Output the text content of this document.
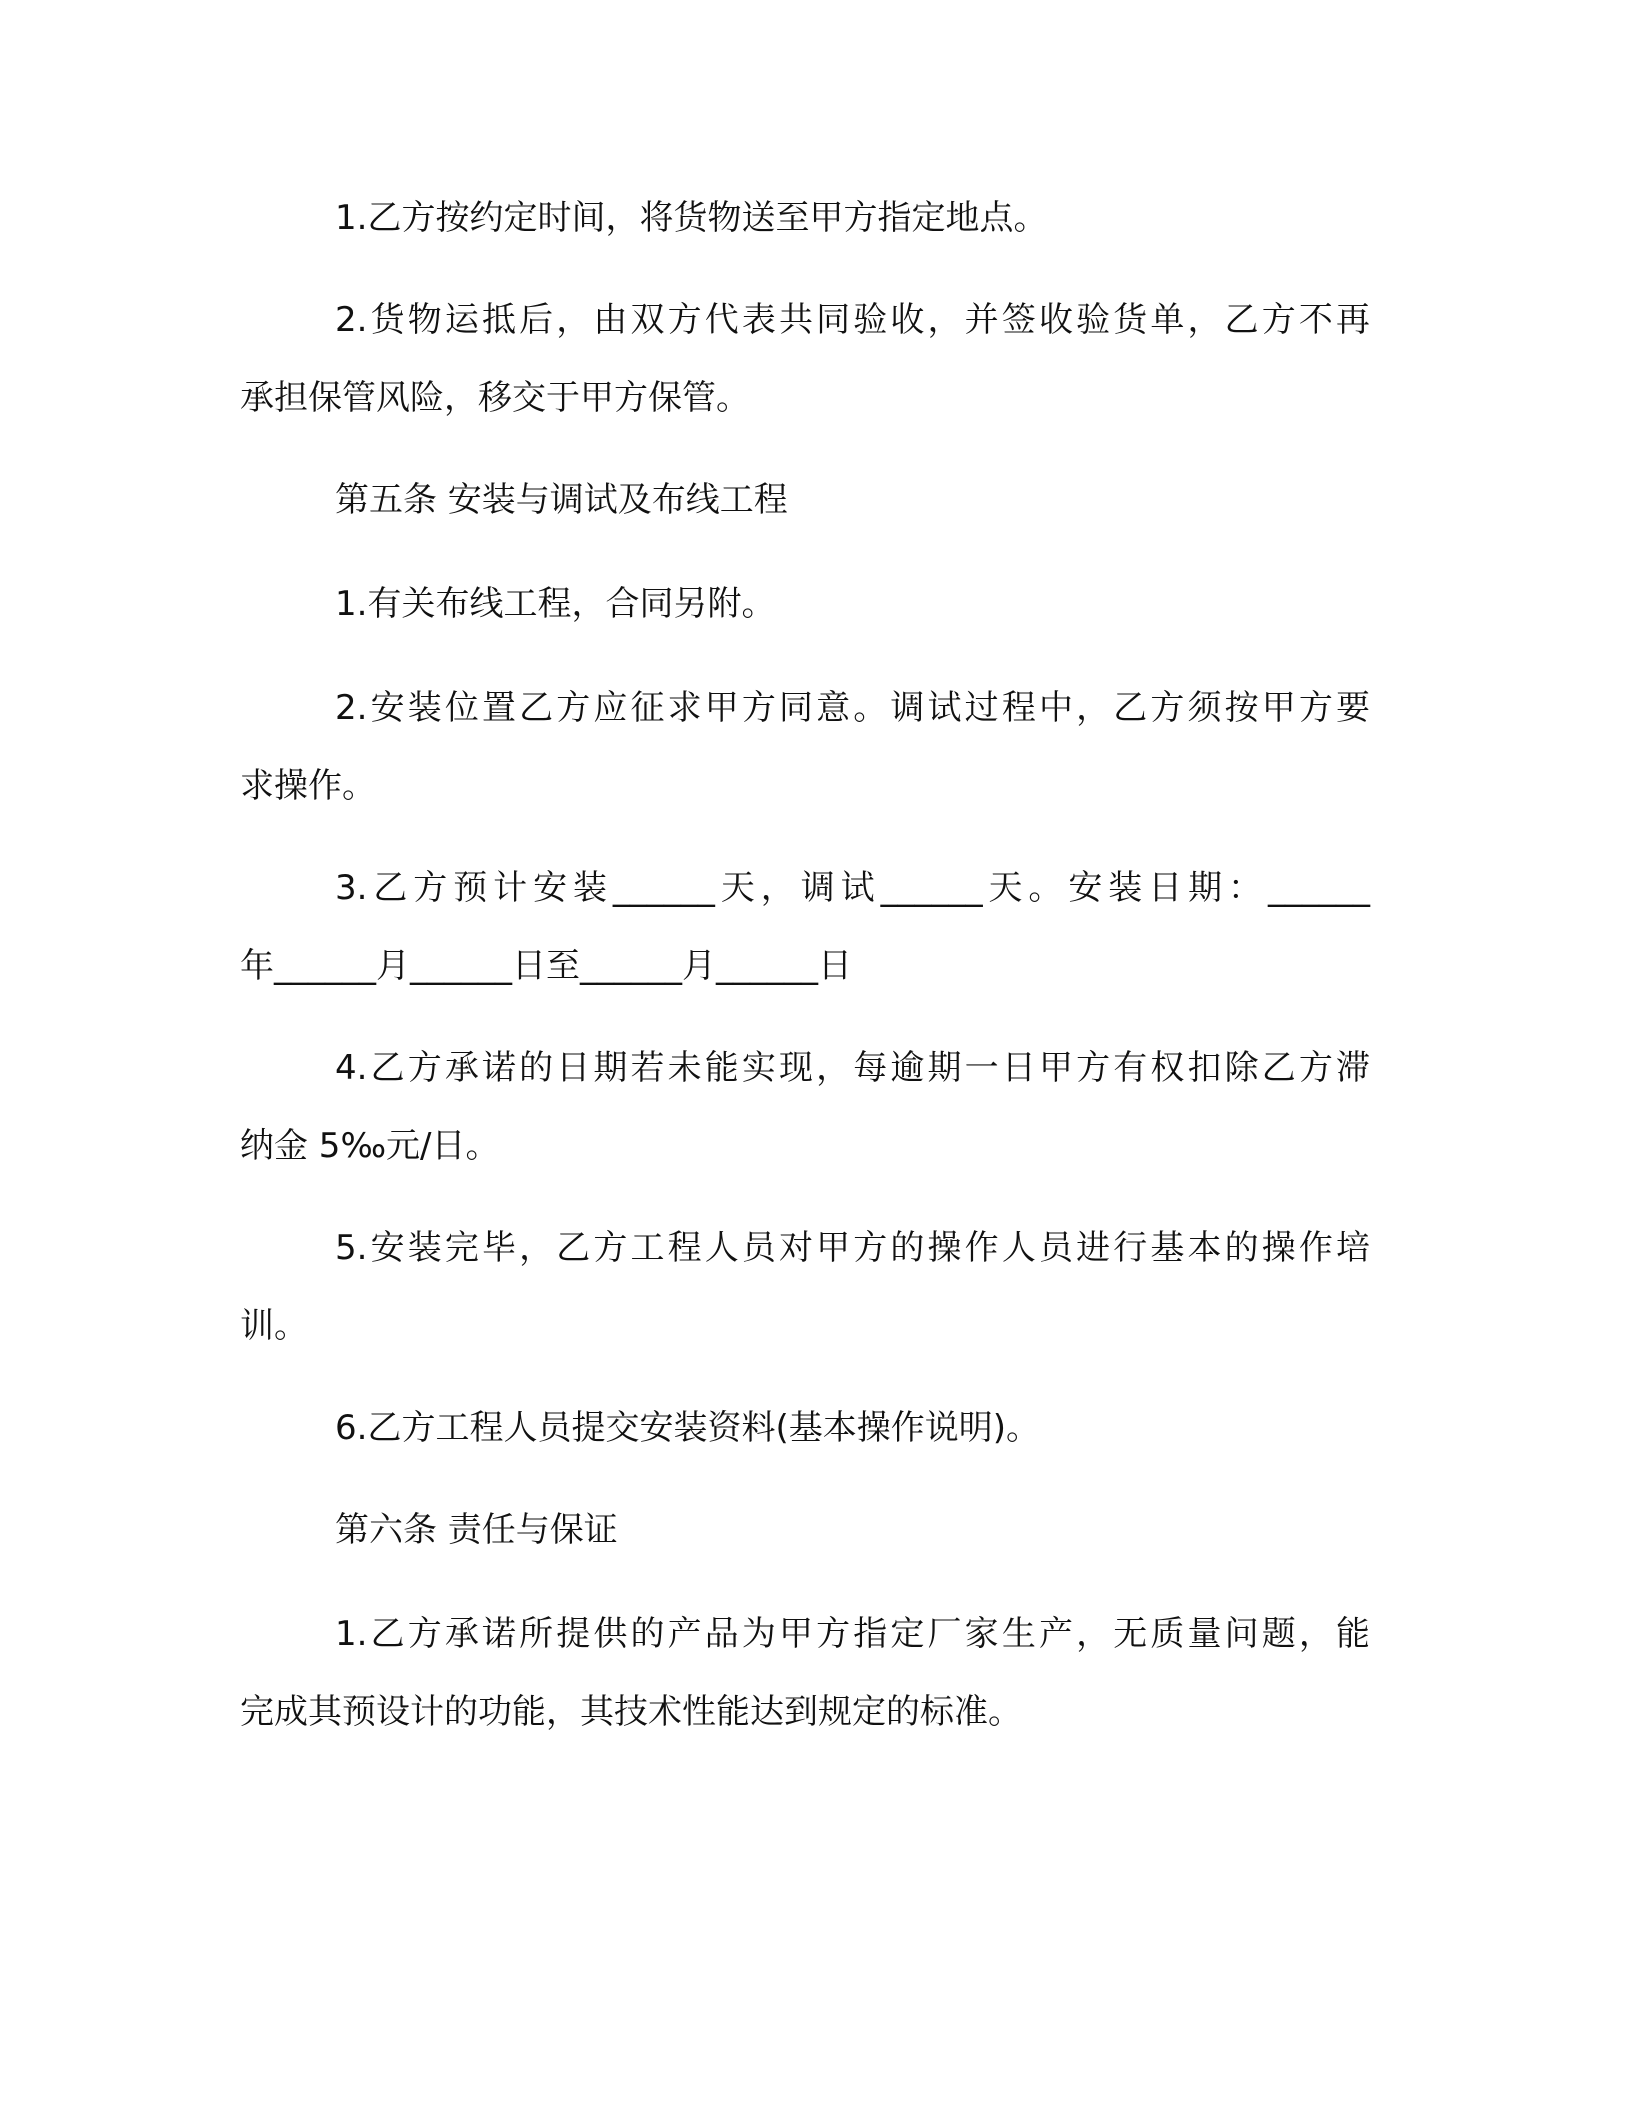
1.乙方按约定时间，将货物送至甲方指定地点。
2.货物运抵后，由双方代表共同验收，并签收验货单，乙方不再
承担保管风险，移交于甲方保管。
第五条 安装与调试及布线工程
1.有关布线工程，合同另附。
2.安装位置乙方应征求甲方同意。调试过程中，乙方须按甲方要
求操作。
3.乙方预计安装______天，调试______天。安装日期：______
年______月______日至______月______日
4.乙方承诺的日期若未能实现，每逾期一日甲方有权扣除乙方滞
纳金 5‰元/日。
5.安装完毕，乙方工程人员对甲方的操作人员进行基本的操作培
训。
6.乙方工程人员提交安装资料(基本操作说明)。
第六条 责任与保证
1.乙方承诺所提供的产品为甲方指定厂家生产，无质量问题，能
完成其预设计的功能，其技术性能达到规定的标准。
